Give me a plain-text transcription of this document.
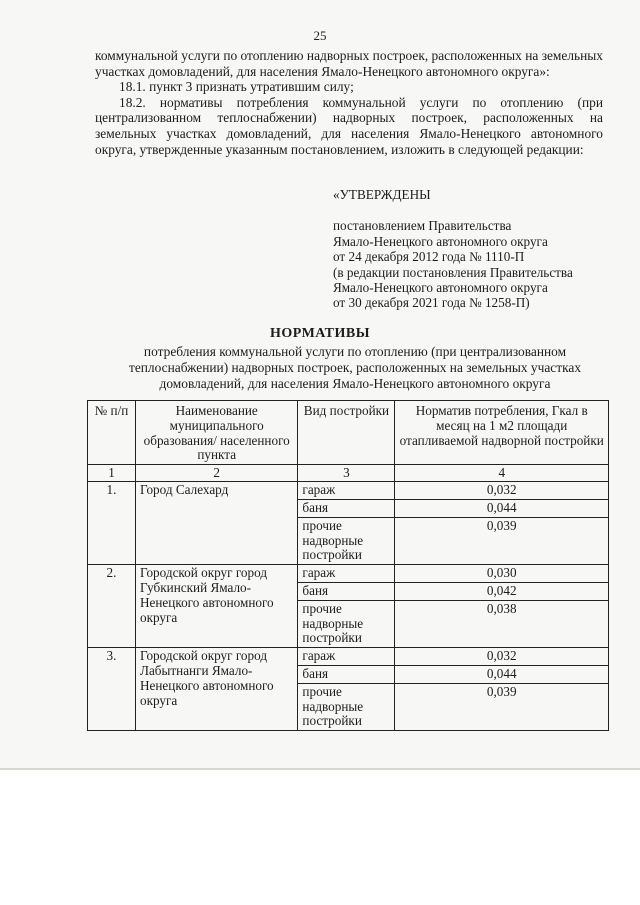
25

коммунальной услуги по отоплению надворных построек, расположенных на земельных участках домовладений, для населения Ямало-Ненецкого автономного округа»:

18.1. пункт 3 признать утратившим силу;

18.2. нормативы потребления коммунальной услуги по отоплению (при централизованном теплоснабжении) надворных построек, расположенных на земельных участках домовладений, для населения Ямало-Ненецкого автономного округа, утвержденные указанным постановлением, изложить в следующей редакции:

«УТВЕРЖДЕНЫ
постановлением Правительства
Ямало-Ненецкого автономного округа
от 24 декабря 2012 года № 1110-П
(в редакции постановления Правительства
Ямало-Ненецкого автономного округа
от 30 декабря 2021 года № 1258-П)
НОРМАТИВЫ
потребления коммунальной услуги по отоплению (при централизованном теплоснабжении) надворных построек, расположенных на земельных участках домовладений, для населения Ямало-Ненецкого автономного округа
№ п/п	Наименование муниципального образования/ населенного пункта	Вид постройки	Норматив потребления, Гкал в месяц на 1 м2 площади отапливаемой надворной постройки
1	2	3	4
1.	Город Салехард	гараж	0,032
		баня	0,044
		прочие надворные постройки	0,039
2.	Городской округ город Губкинский Ямало-Ненецкого автономного округа	гараж	0,030
		баня	0,042
		прочие надворные постройки	0,038
3.	Городской округ город Лабытнанги Ямало-Ненецкого автономного округа	гараж	0,032
		баня	0,044
		прочие надворные постройки	0,039
